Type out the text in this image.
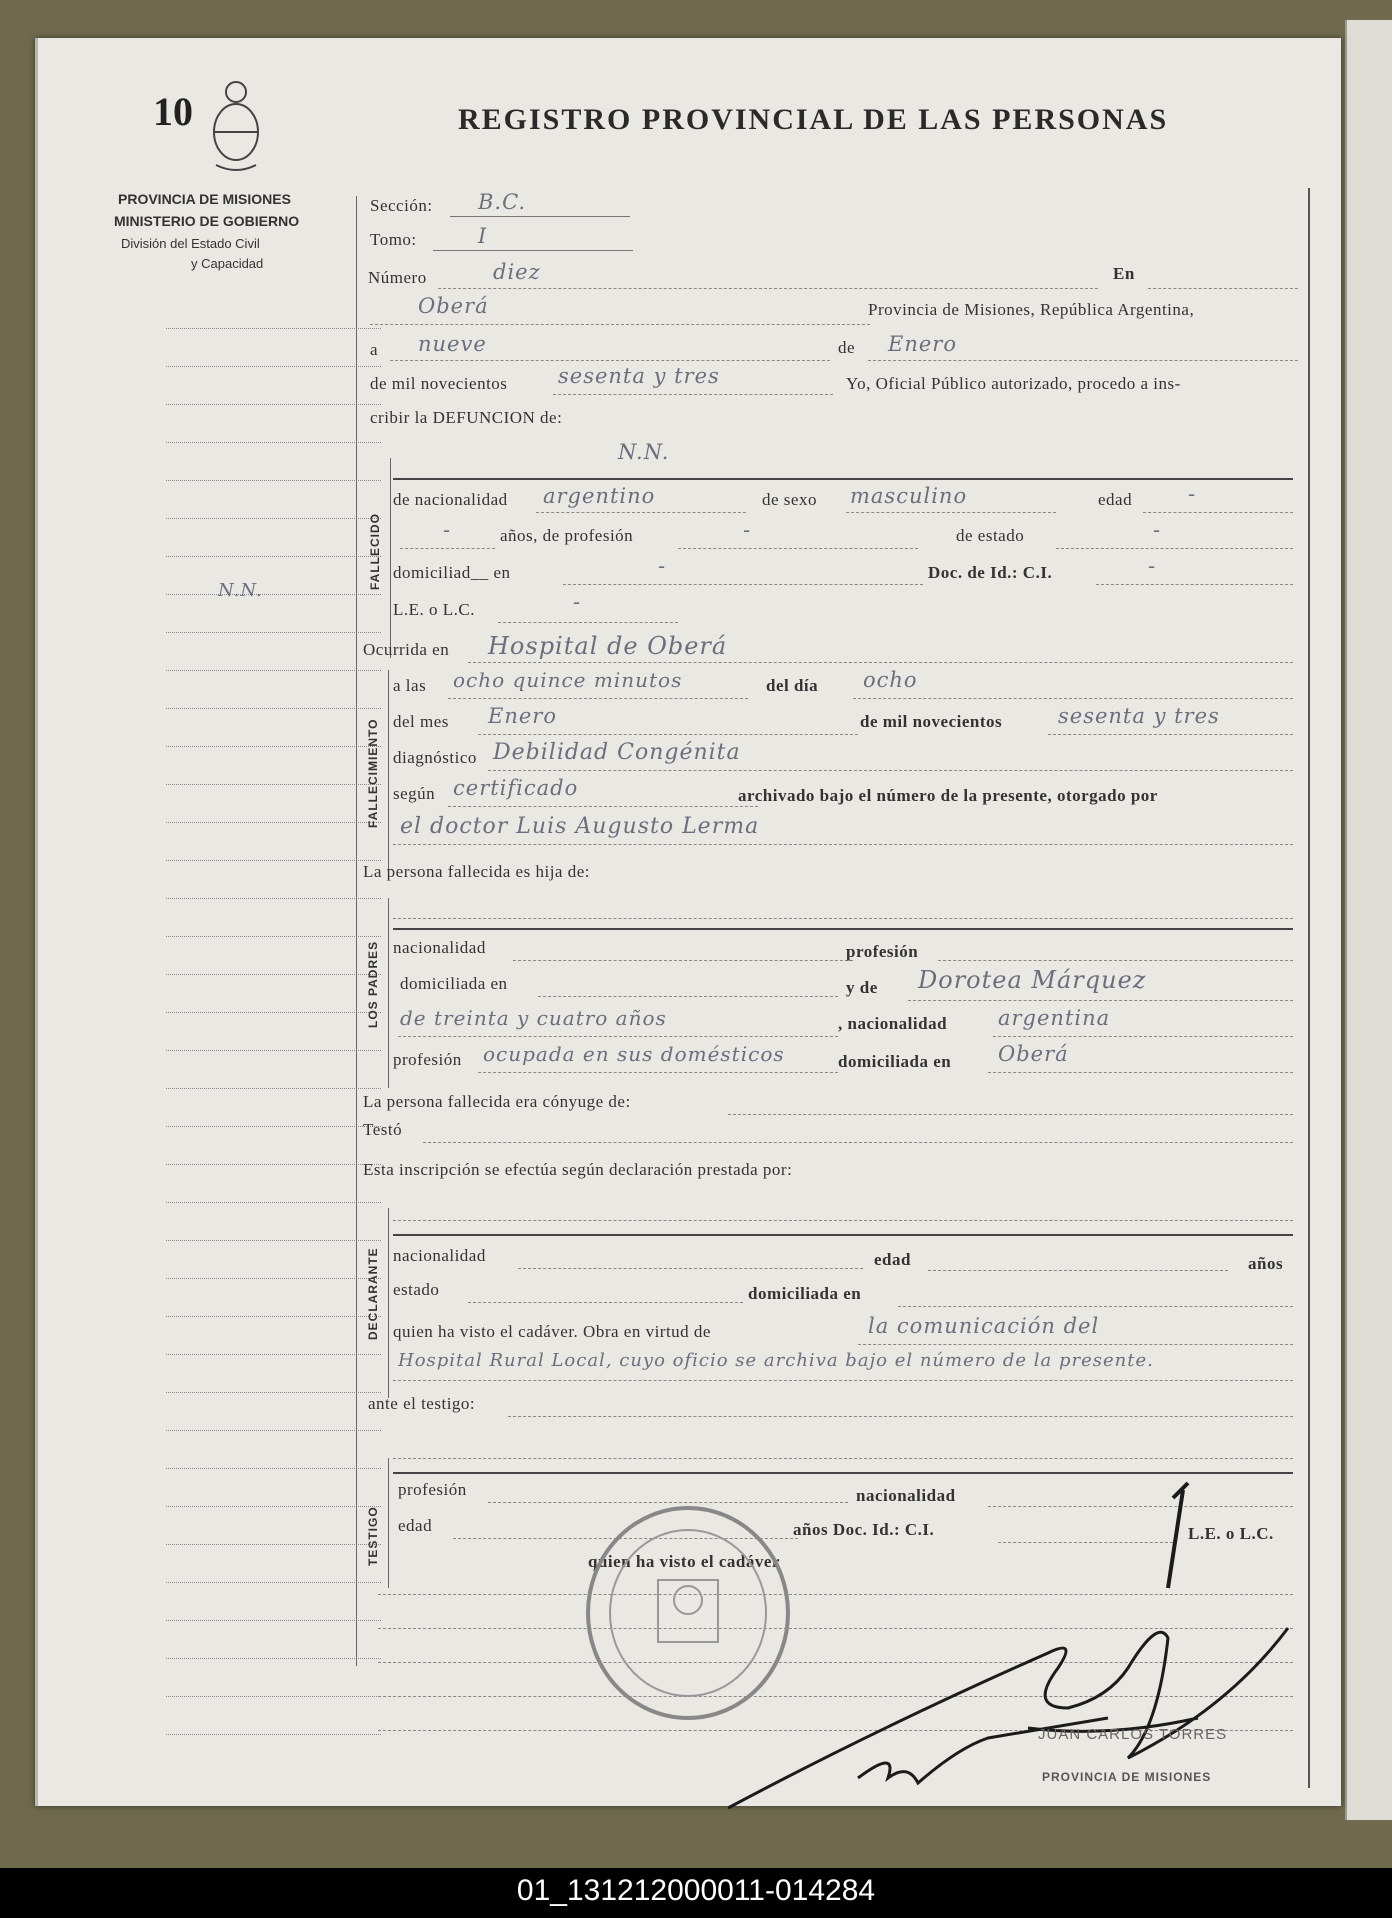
10	REGISTRO PROVINCIAL DE LAS PERSONAS
PROVINCIA DE MISIONES
MINISTERIO DE GOBIERNO
División del Estado Civil
y Capacidad
N.N.
Sección: B.C.
Tomo:	I
Número	diez	En
Oberá	Provincia de Misiones, República Argentina,
a nueve	de Enero
de mil novecientos sesenta y tres	Yo, Oficial Público autorizado, procedo a ins-
cribir la DEFUNCION de:
FALLECIDO
N.N.
de nacionalidad argentino	de sexo masculino	edad	-
-	años, de profesión	-	de estado	-
domiciliad__ en	-	Doc. de Id.: C.I.	-
L.E. o L.C.	-
Ocurrida en Hospital de Oberá
FALLECIMIENTO
a las ocho quince minutos	del día ocho
del mes Enero	de mil novecientos	sesenta y tres
diagnóstico Debilidad Congénita
según certificado	archivado bajo el número de la presente, otorgado por
el doctor Luis Augusto Lerma
La persona fallecida es hija de:
LOS PADRES nacionalidad	profesión
domiciliada en	y de Dorotea Márquez
de treinta y cuatro años	, nacionalidad argentina
profesión ocupada en sus domésticos	domiciliada en Oberá
La persona fallecida era cónyuge de:
Testó
Esta inscripción se efectúa según declaración prestada por:
DECLARANTE nacionalidad	edad	años
estado	domiciliada en
quien ha visto el cadáver. Obra en virtud de	la comunicación del
Hospital Rural Local, cuyo oficio se archiva bajo el número de la presente.
ante el testigo:
TESTIGO
profesión	nacionalidad
edad	años Doc. Id.: C.I.	L.E. o L.C.
quien ha visto el cadáver
JUAN CARLOS TORRES
PROVINCIA DE MISIONES
01_131212000011-014284
